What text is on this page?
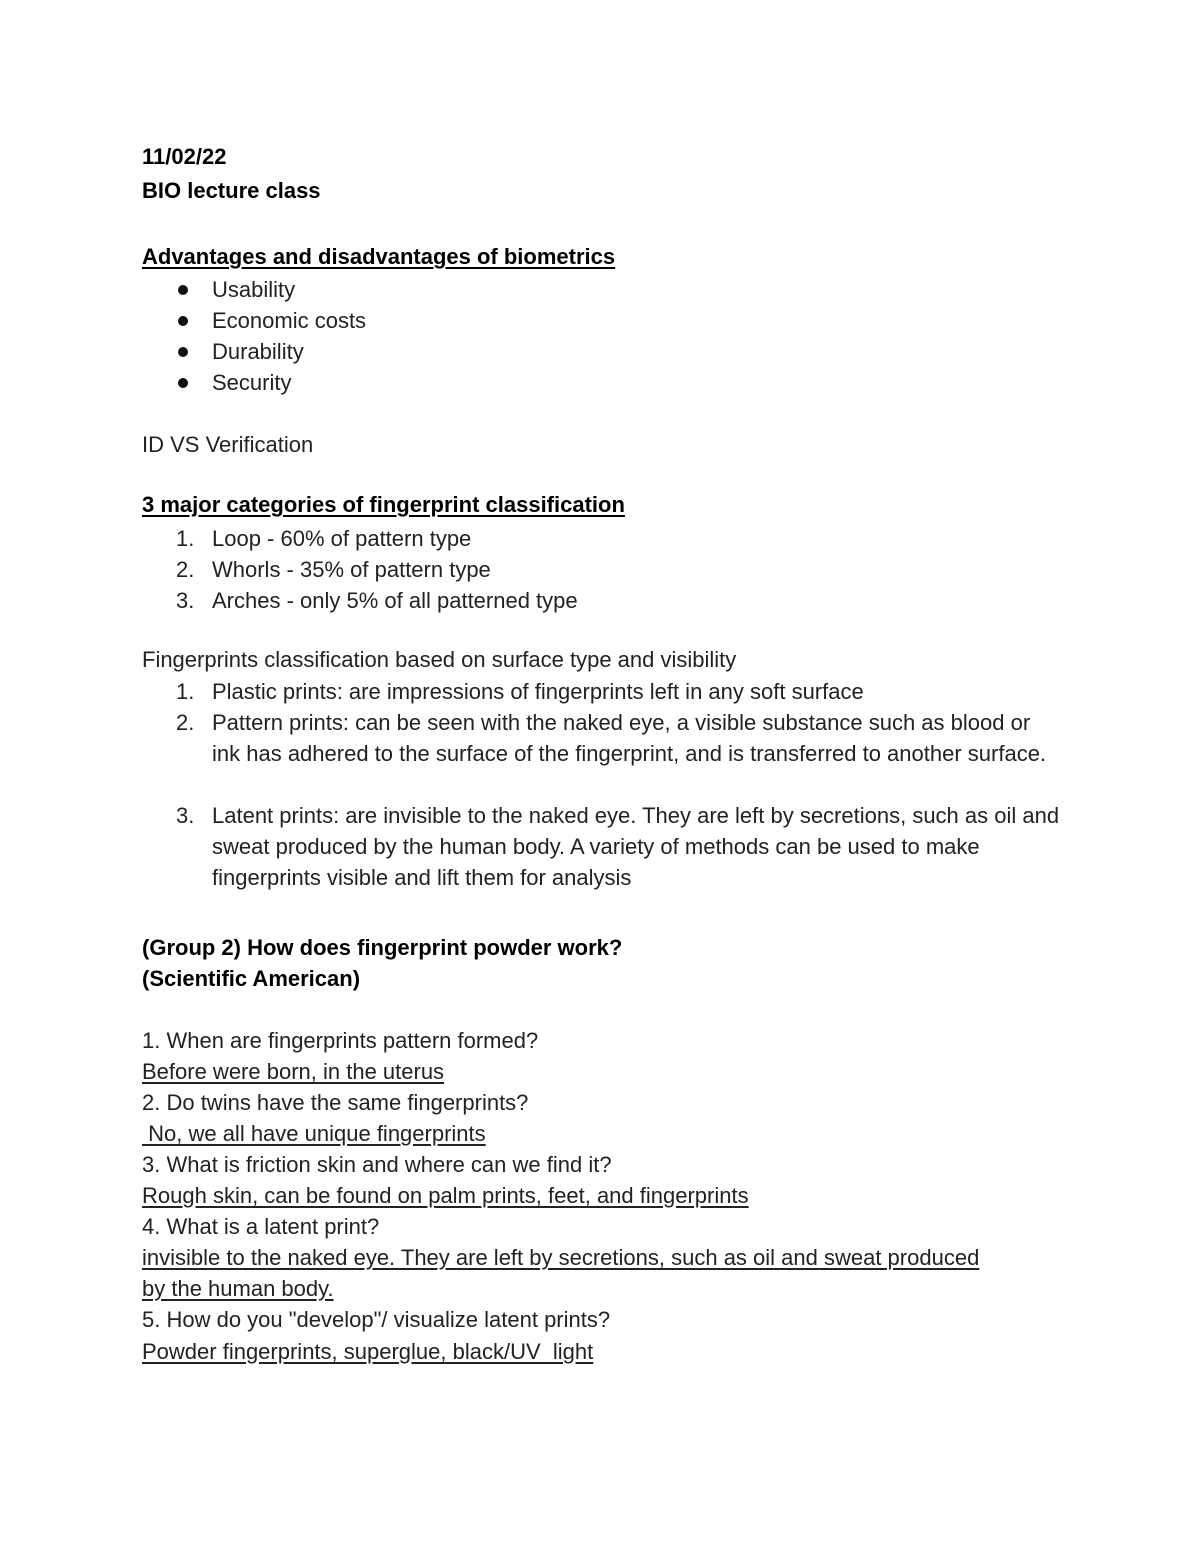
11/02/22
BIO lecture class
Advantages and disadvantages of biometrics
Usability
Economic costs
Durability
Security
ID VS Verification
3 major categories of fingerprint classification
1. Loop - 60% of pattern type
2. Whorls - 35% of pattern type
3. Arches - only 5% of all patterned type
Fingerprints classification based on surface type and visibility
1. Plastic prints: are impressions of fingerprints left in any soft surface
2. Pattern prints: can be seen with the naked eye, a visible substance such as blood or ink has adhered to the surface of the fingerprint, and is transferred to another surface.
3. Latent prints: are invisible to the naked eye. They are left by secretions, such as oil and sweat produced by the human body. A variety of methods can be used to make fingerprints visible and lift them for analysis
(Group 2) How does fingerprint powder work?
(Scientific American)
1. When are fingerprints pattern formed?
Before were born, in the uterus
2. Do twins have the same fingerprints?
No, we all have unique fingerprints
3. What is friction skin and where can we find it?
Rough skin, can be found on palm prints, feet, and fingerprints
4. What is a latent print?
invisible to the naked eye. They are left by secretions, such as oil and sweat produced
by the human body.
5. How do you "develop"/ visualize latent prints?
Powder fingerprints, superglue, black/UV  light
